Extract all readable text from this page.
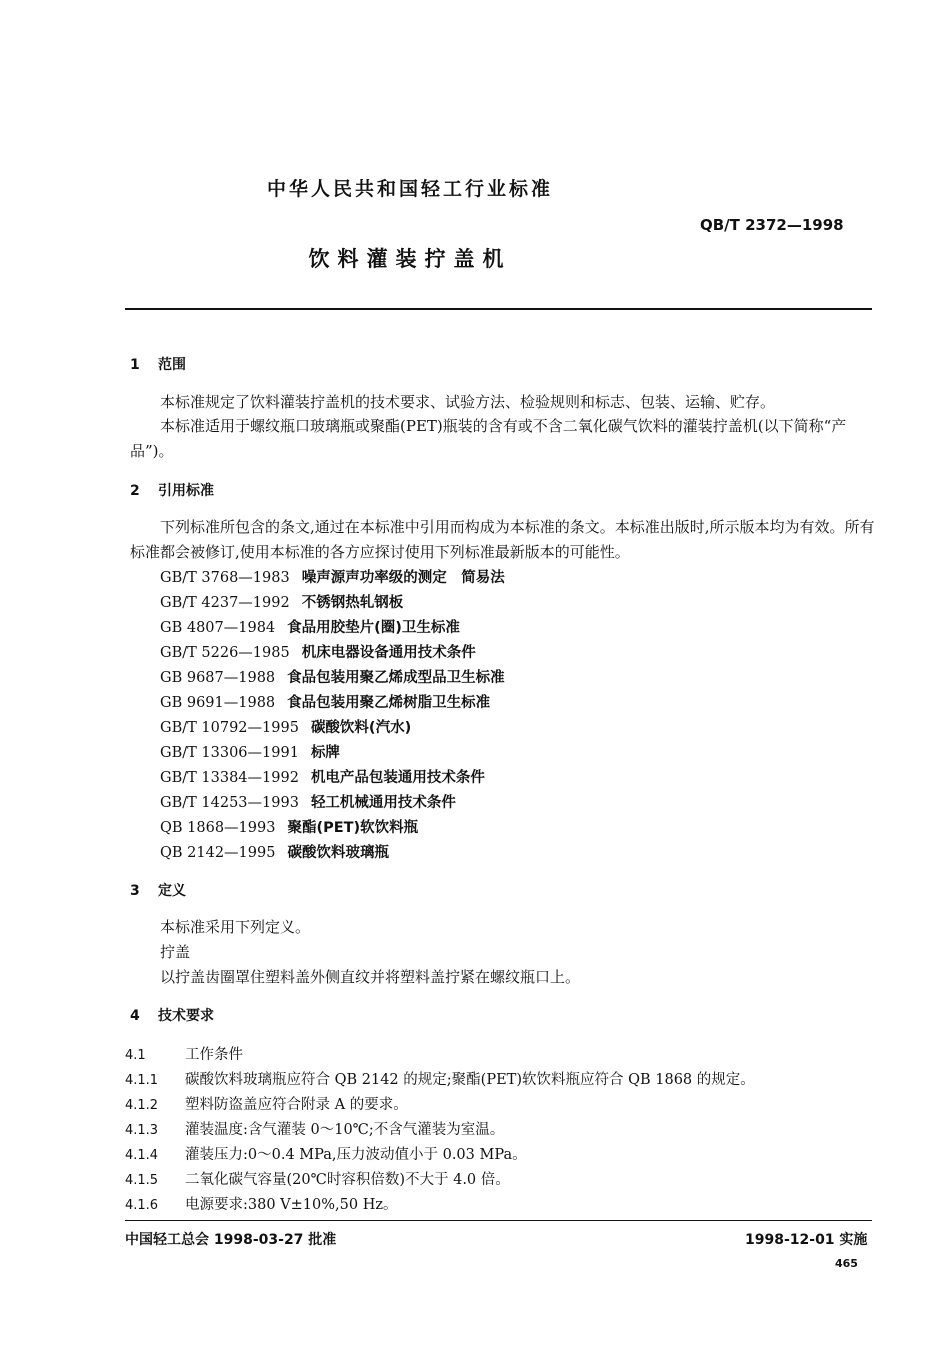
中华人民共和国轻工行业标准
QB/T 2372—1998
饮料灌装拧盖机
1 范围
本标准规定了饮料灌装拧盖机的技术要求、试验方法、检验规则和标志、包装、运输、贮存。
本标准适用于螺纹瓶口玻璃瓶或聚酯(PET)瓶装的含有或不含二氧化碳气饮料的灌装拧盖机(以下简称“产品”)。
2 引用标准
下列标准所包含的条文,通过在本标准中引用而构成为本标准的条文。本标准出版时,所示版本均为有效。所有标准都会被修订,使用本标准的各方应探讨使用下列标准最新版本的可能性。
GB/T 3768—1983 噪声源声功率级的测定　简易法
GB/T 4237—1992 不锈钢热轧钢板
GB 4807—1984 食品用胶垫片(圈)卫生标准
GB/T 5226—1985 机床电器设备通用技术条件
GB 9687—1988 食品包装用聚乙烯成型品卫生标准
GB 9691—1988 食品包装用聚乙烯树脂卫生标准
GB/T 10792—1995 碳酸饮料(汽水)
GB/T 13306—1991 标牌
GB/T 13384—1992 机电产品包装通用技术条件
GB/T 14253—1993 轻工机械通用技术条件
QB 1868—1993 聚酯(PET)软饮料瓶
QB 2142—1995 碳酸饮料玻璃瓶
3 定义
本标准采用下列定义。
拧盖
以拧盖齿圈罩住塑料盖外侧直纹并将塑料盖拧紧在螺纹瓶口上。
4 技术要求
4.1	工作条件
4.1.1 碳酸饮料玻璃瓶应符合 QB 2142 的规定;聚酯(PET)软饮料瓶应符合 QB 1868 的规定。
4.1.2 塑料防盗盖应符合附录 A 的要求。
4.1.3 灌装温度:含气灌装 0～10℃;不含气灌装为室温。
4.1.4 灌装压力:0～0.4 MPa,压力波动值小于 0.03 MPa。
4.1.5 二氧化碳气容量(20℃时容积倍数)不大于 4.0 倍。
4.1.6 电源要求:380 V±10%,50 Hz。
中国轻工总会 1998-03-27 批准	1998-12-01 实施
465
